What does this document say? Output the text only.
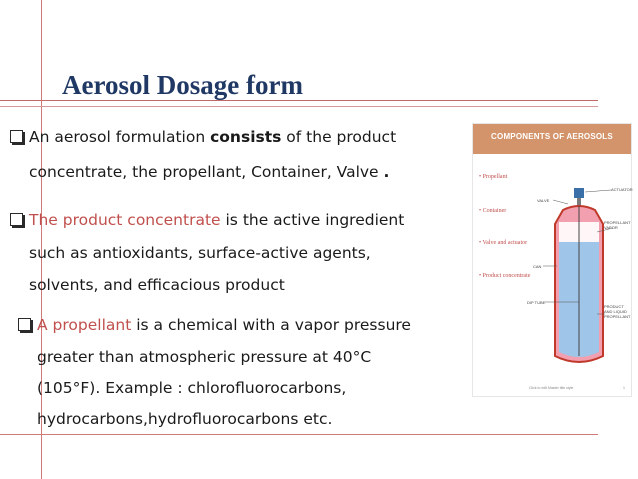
Aerosol Dosage form
An aerosol formulation consists of the product
concentrate, the propellant, Container, Valve .
The product concentrate is the active ingredient
such as antioxidants, surface-active agents,
solvents, and efficacious product
A propellant is a chemical with a vapor pressure
greater than atmospheric pressure at 40°C
(105°F). Example : chlorofluorocarbons,
hydrocarbons,hydrofluorocarbons etc.
COMPONENTS OF AEROSOLS
• Propellant
• Container
• Valve and actuator
• Product concentrate
VALVE
ACTUATOR
PROPELLANT VAPOR
CAN
DIP TUBE
PRODUCT AND LIQUID PROPELLANT
Click to edit Master title style	1
